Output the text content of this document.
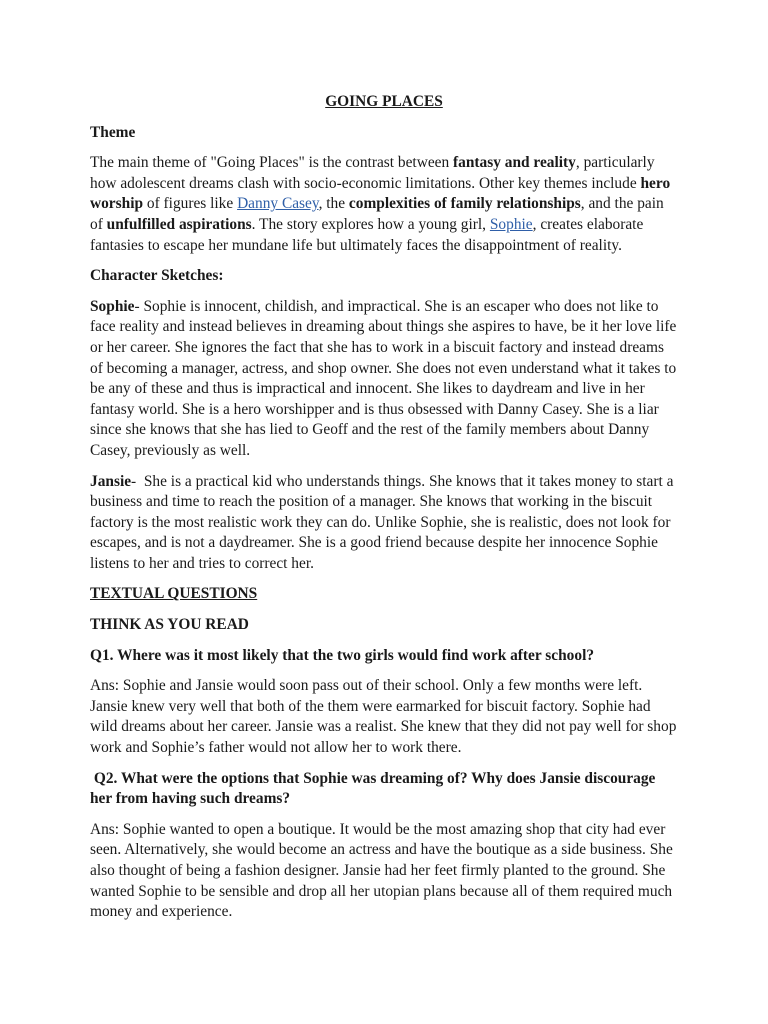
GOING PLACES

Theme

The main theme of "Going Places" is the contrast between fantasy and reality, particularly how adolescent dreams clash with socio-economic limitations. Other key themes include hero worship of figures like Danny Casey, the complexities of family relationships, and the pain of unfulfilled aspirations. The story explores how a young girl, Sophie, creates elaborate fantasies to escape her mundane life but ultimately faces the disappointment of reality.

Character Sketches:

Sophie- Sophie is innocent, childish, and impractical. She is an escaper who does not like to face reality and instead believes in dreaming about things she aspires to have, be it her love life or her career. She ignores the fact that she has to work in a biscuit factory and instead dreams of becoming a manager, actress, and shop owner. She does not even understand what it takes to be any of these and thus is impractical and innocent. She likes to daydream and live in her fantasy world. She is a hero worshipper and is thus obsessed with Danny Casey. She is a liar since she knows that she has lied to Geoff and the rest of the family members about Danny Casey, previously as well.

Jansie-  She is a practical kid who understands things. She knows that it takes money to start a business and time to reach the position of a manager. She knows that working in the biscuit factory is the most realistic work they can do. Unlike Sophie, she is realistic, does not look for escapes, and is not a daydreamer. She is a good friend because despite her innocence Sophie listens to her and tries to correct her.

TEXTUAL QUESTIONS

THINK AS YOU READ

Q1. Where was it most likely that the two girls would find work after school?

Ans: Sophie and Jansie would soon pass out of their school. Only a few months were left. Jansie knew very well that both of the them were earmarked for biscuit factory. Sophie had wild dreams about her career. Jansie was a realist. She knew that they did not pay well for shop work and Sophie’s father would not allow her to work there.

Q2. What were the options that Sophie was dreaming of? Why does Jansie discourage her from having such dreams?

Ans: Sophie wanted to open a boutique. It would be the most amazing shop that city had ever seen. Alternatively, she would become an actress and have the boutique as a side business. She also thought of being a fashion designer. Jansie had her feet firmly planted to the ground. She wanted Sophie to be sensible and drop all her utopian plans because all of them required much money and experience.
